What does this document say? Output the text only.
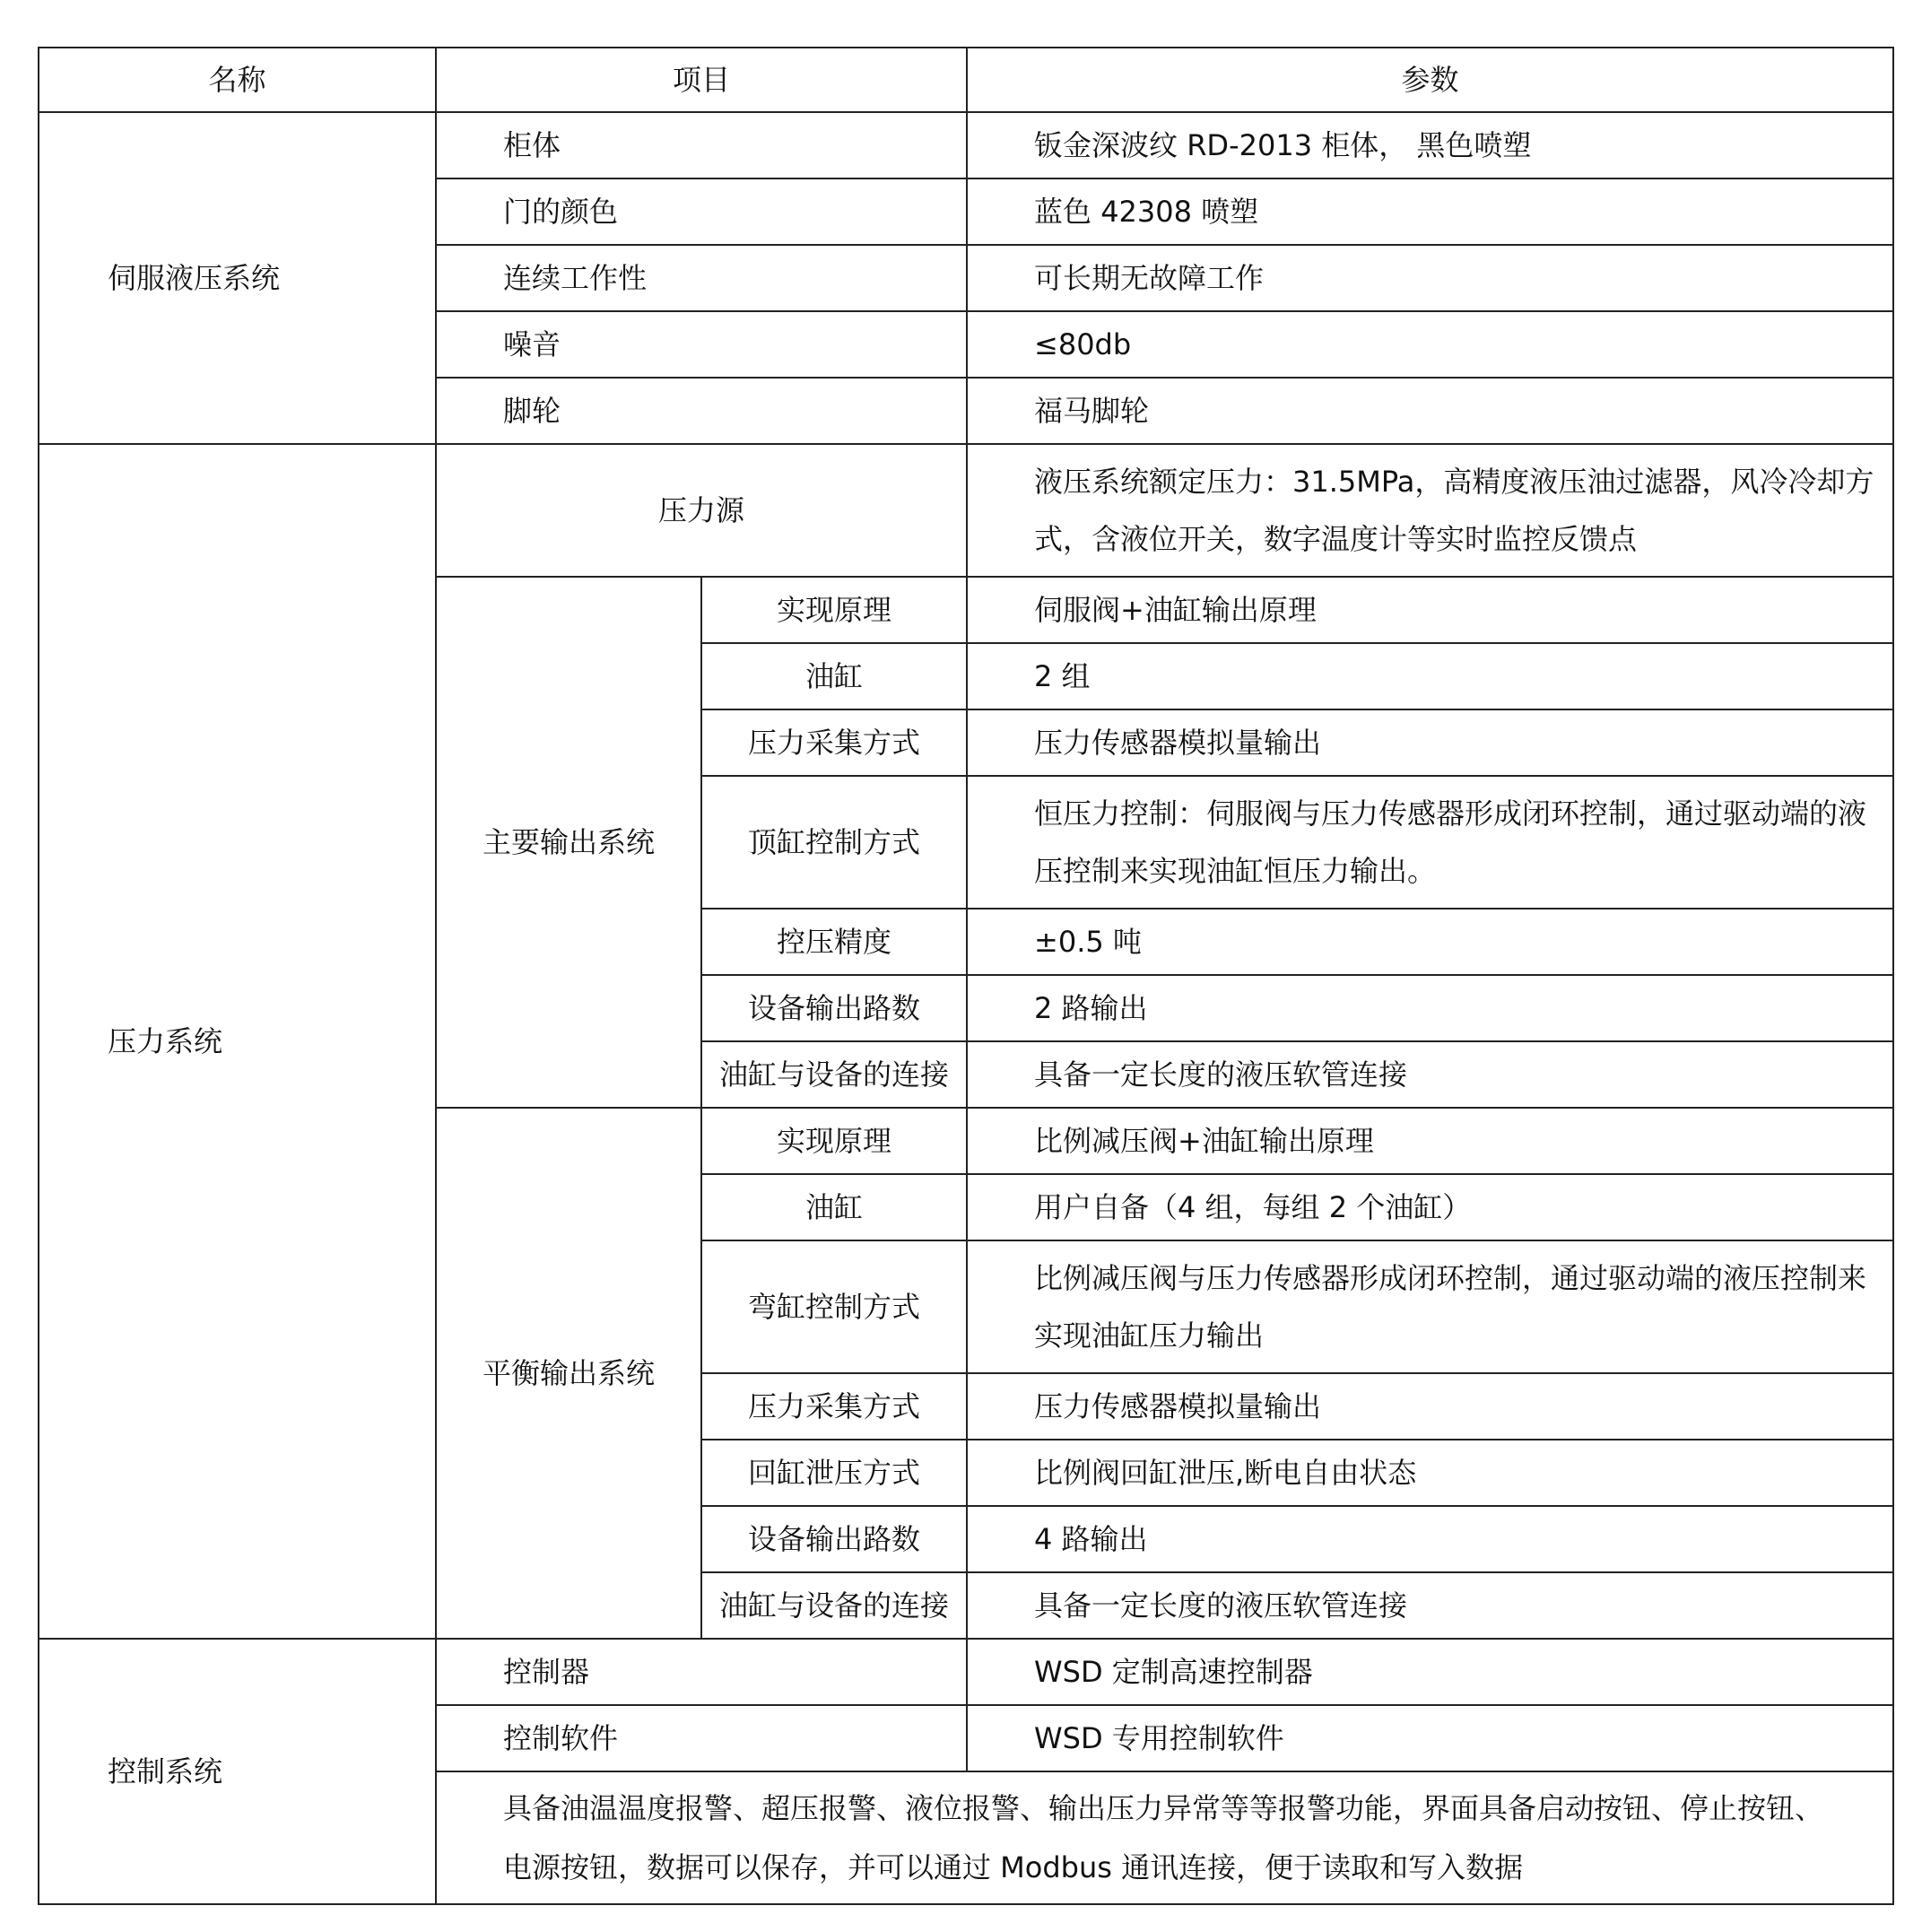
名称	项目		参数
伺服液压系统	柜体		钣金深波纹 RD-2013 柜体， 黑色喷塑
	门的颜色		蓝色 42308 喷塑
	连续工作性		可长期无故障工作
	噪音		≤80db
	脚轮		福马脚轮
压力系统	压力源		液压系统额定压力：31.5MPa，高精度液压油过滤器，风冷冷却方式，含液位开关，数字温度计等实时监控反馈点
	主要输出系统	实现原理	伺服阀+油缸输出原理
		油缸	2 组
		压力采集方式	压力传感器模拟量输出
		顶缸控制方式	恒压力控制：伺服阀与压力传感器形成闭环控制，通过驱动端的液压控制来实现油缸恒压力输出。
		控压精度	±0.5 吨
		设备输出路数	2 路输出
		油缸与设备的连接	具备一定长度的液压软管连接
	平衡输出系统	实现原理	比例减压阀+油缸输出原理
		油缸	用户自备（4 组，每组 2 个油缸）
		弯缸控制方式	比例减压阀与压力传感器形成闭环控制，通过驱动端的液压控制来实现油缸压力输出
		压力采集方式	压力传感器模拟量输出
		回缸泄压方式	比例阀回缸泄压,断电自由状态
		设备输出路数	4 路输出
		油缸与设备的连接	具备一定长度的液压软管连接
控制系统	控制器		WSD 定制高速控制器
	控制软件		WSD 专用控制软件
	具备油温温度报警、超压报警、液位报警、输出压力异常等等报警功能，界面具备启动按钮、停止按钮、电源按钮，数据可以保存，并可以通过 Modbus 通讯连接，便于读取和写入数据		
